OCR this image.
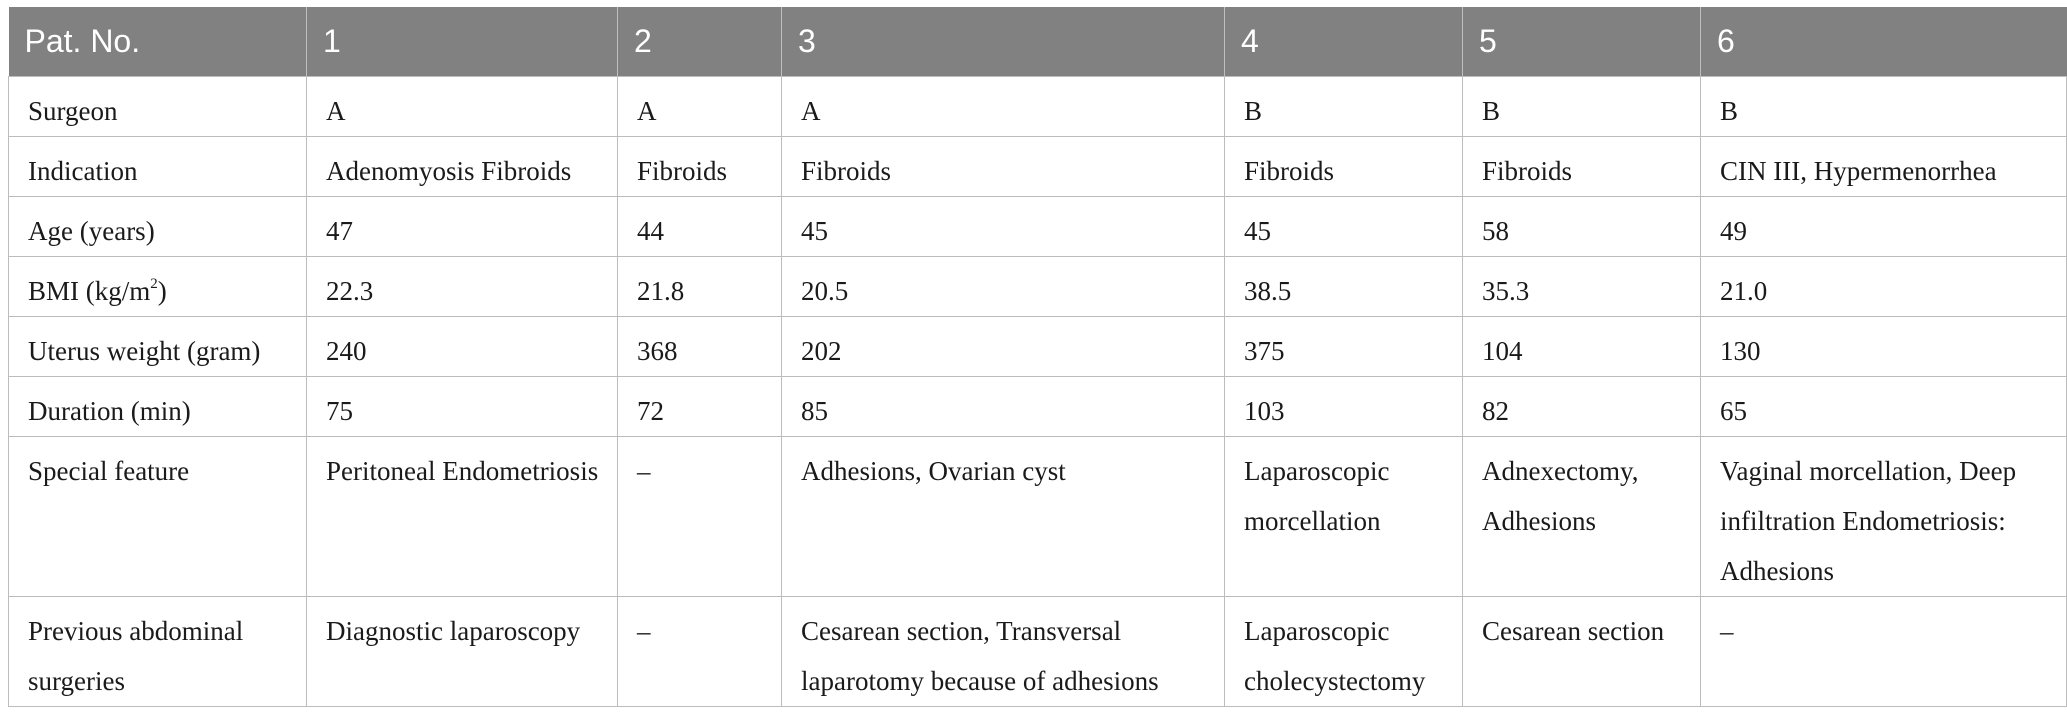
Pat. No.	1	2	3	4	5	6
Surgeon	A	A	A	B	B	B
Indication	Adenomyosis Fibroids	Fibroids	Fibroids	Fibroids	Fibroids	CIN III, Hypermenorrhea
Age (years)	47	44	45	45	58	49
BMI $(kg/m^2)$	22.3	21.8	20.5	38.5	35.3	21.0
Uterus weight (gram)	240	368	202	375	104	130
Duration (min)	75	72	85	103	82	65
Special feature	Peritoneal Endometriosis	–	Adhesions, Ovarian cyst	Laparoscopic morcellation	Adnexectomy, Adhesions	Vaginal morcellation, Deep infiltration Endometriosis: Adhesions
Previous abdominal surgeries	Diagnostic laparoscopy	–	Cesarean section, Transversal laparotomy because of adhesions	Laparoscopic cholecystectomy	Cesarean section	–
